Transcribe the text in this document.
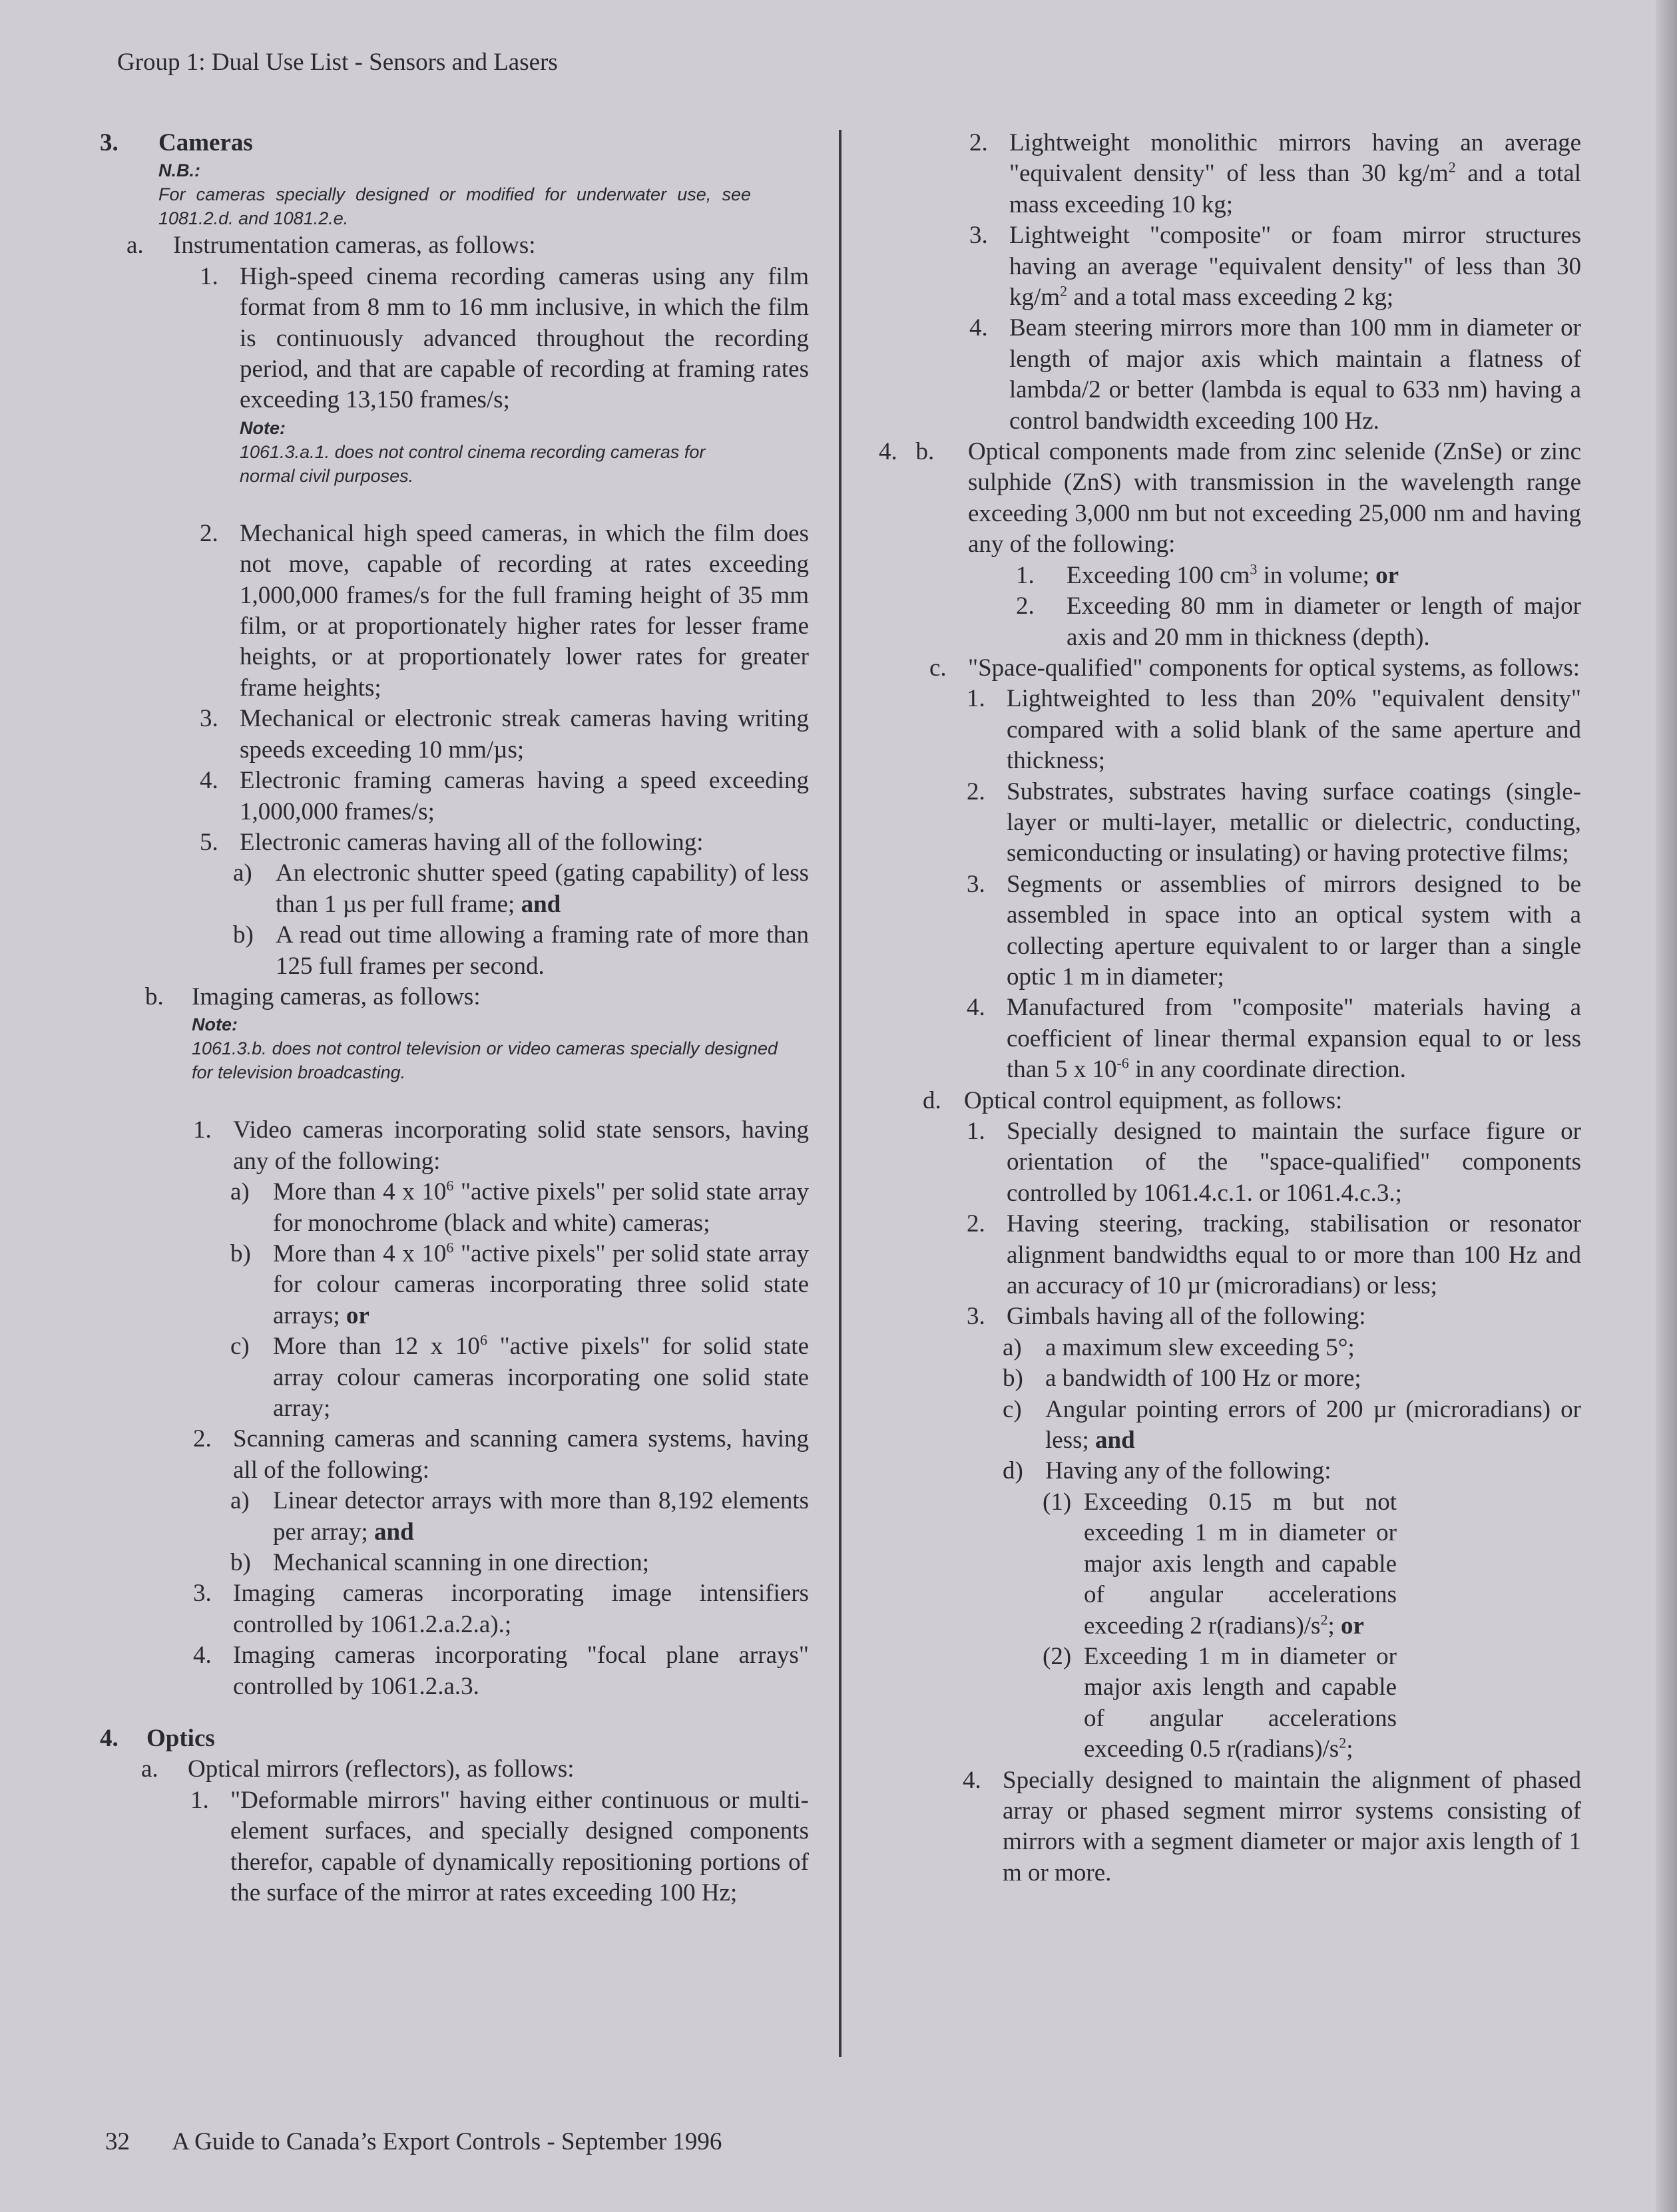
Group 1: Dual Use List - Sensors and Lasers
3.	Cameras
N.B.:
For cameras specially designed or modified for underwater use, see 1081.2.d. and 1081.2.e.
a.	Instrumentation cameras, as follows:
1. High-speed cinema recording cameras using any film format from 8 mm to 16 mm inclusive, in which the film is continuously advanced throughout the recording period, and that are capable of recording at framing rates exceeding 13,150 frames/s;
Note:
1061.3.a.1. does not control cinema recording cameras for normal civil purposes.
2. Mechanical high speed cameras, in which the film does not move, capable of recording at rates exceeding 1,000,000 frames/s for the full framing height of 35 mm film, or at proportionately higher rates for lesser frame heights, or at proportionately lower rates for greater frame heights;
3. Mechanical or electronic streak cameras having writing speeds exceeding 10 mm/µs;
4. Electronic framing cameras having a speed exceeding 1,000,000 frames/s;
5. Electronic cameras having all of the following:
a) An electronic shutter speed (gating capability) of less than 1 µs per full frame; and
b) A read out time allowing a framing rate of more than 125 full frames per second.
b.	Imaging cameras, as follows:
Note:
1061.3.b. does not control television or video cameras specially designed for television broadcasting.
1. Video cameras incorporating solid state sensors, having any of the following:
a) More than 4 x $10^6$ "active pixels" per solid state array for monochrome (black and white) cameras;
b) More than 4 x $10^6$ "active pixels" per solid state array for colour cameras incorporating three solid state arrays; or
c) More than 12 x $10^6$ "active pixels" for solid state array colour cameras incorporating one solid state array;
2. Scanning cameras and scanning camera systems, having all of the following:
a) Linear detector arrays with more than 8,192 elements per array; and
b) Mechanical scanning in one direction;
3. Imaging cameras incorporating image intensifiers controlled by 1061.2.a.2.a).;
4. Imaging cameras incorporating "focal plane arrays" controlled by 1061.2.a.3.
4.	Optics
a.	Optical mirrors (reflectors), as follows:
1. "Deformable mirrors" having either continuous or multi-element surfaces, and specially designed components therefor, capable of dynamically repositioning portions of the surface of the mirror at rates exceeding 100 Hz;
2. Lightweight monolithic mirrors having an average "equivalent density" of less than 30 $kg/m^2$ and a total mass exceeding 10 kg;
3. Lightweight "composite" or foam mirror structures having an average "equivalent density" of less than 30 $kg/m^2$ and a total mass exceeding 2 kg;
4. Beam steering mirrors more than 100 mm in diameter or length of major axis which maintain a flatness of lambda/2 or better (lambda is equal to 633 nm) having a control bandwidth exceeding 100 Hz.
4.   b.	Optical components made from zinc selenide (ZnSe) or zinc sulphide (ZnS) with transmission in the wavelength range exceeding 3,000 nm but not exceeding 25,000 nm and having any of the following:
1.	Exceeding 100 $cm^3$ in volume; or
2.	Exceeding 80 mm in diameter or length of major axis and 20 mm in thickness (depth).
c. "Space-qualified" components for optical systems, as follows:
1. Lightweighted to less than 20% "equivalent density" compared with a solid blank of the same aperture and thickness;
2. Substrates, substrates having surface coatings (single-layer or multi-layer, metallic or dielectric, conducting, semiconducting or insulating) or having protective films;
3. Segments or assemblies of mirrors designed to be assembled in space into an optical system with a collecting aperture equivalent to or larger than a single optic 1 m in diameter;
4. Manufactured from "composite" materials having a coefficient of linear thermal expansion equal to or less than 5 x $10^{-6}$ in any coordinate direction.
d. Optical control equipment, as follows:
1. Specially designed to maintain the surface figure or orientation of the "space-qualified" components controlled by 1061.4.c.1. or 1061.4.c.3.;
2. Having steering, tracking, stabilisation or resonator alignment bandwidths equal to or more than 100 Hz and an accuracy of 10 µr (microradians) or less;
3. Gimbals having all of the following:
a) a maximum slew exceeding 5°;
b) a bandwidth of 100 Hz or more;
c) Angular pointing errors of 200 µr (microradians) or less; and
d) Having any of the following:
(1) Exceeding 0.15 m but not exceeding 1 m in diameter or major axis length and capable of angular accelerations exceeding 2 $r(radians)/s^2$; or
(2) Exceeding 1 m in diameter or major axis length and capable of angular accelerations exceeding 0.5 $r(radians)/s^2$;
4. Specially designed to maintain the alignment of phased array or phased segment mirror systems consisting of mirrors with a segment diameter or major axis length of 1 m or more.
32 A Guide to Canada’s Export Controls - September 1996
